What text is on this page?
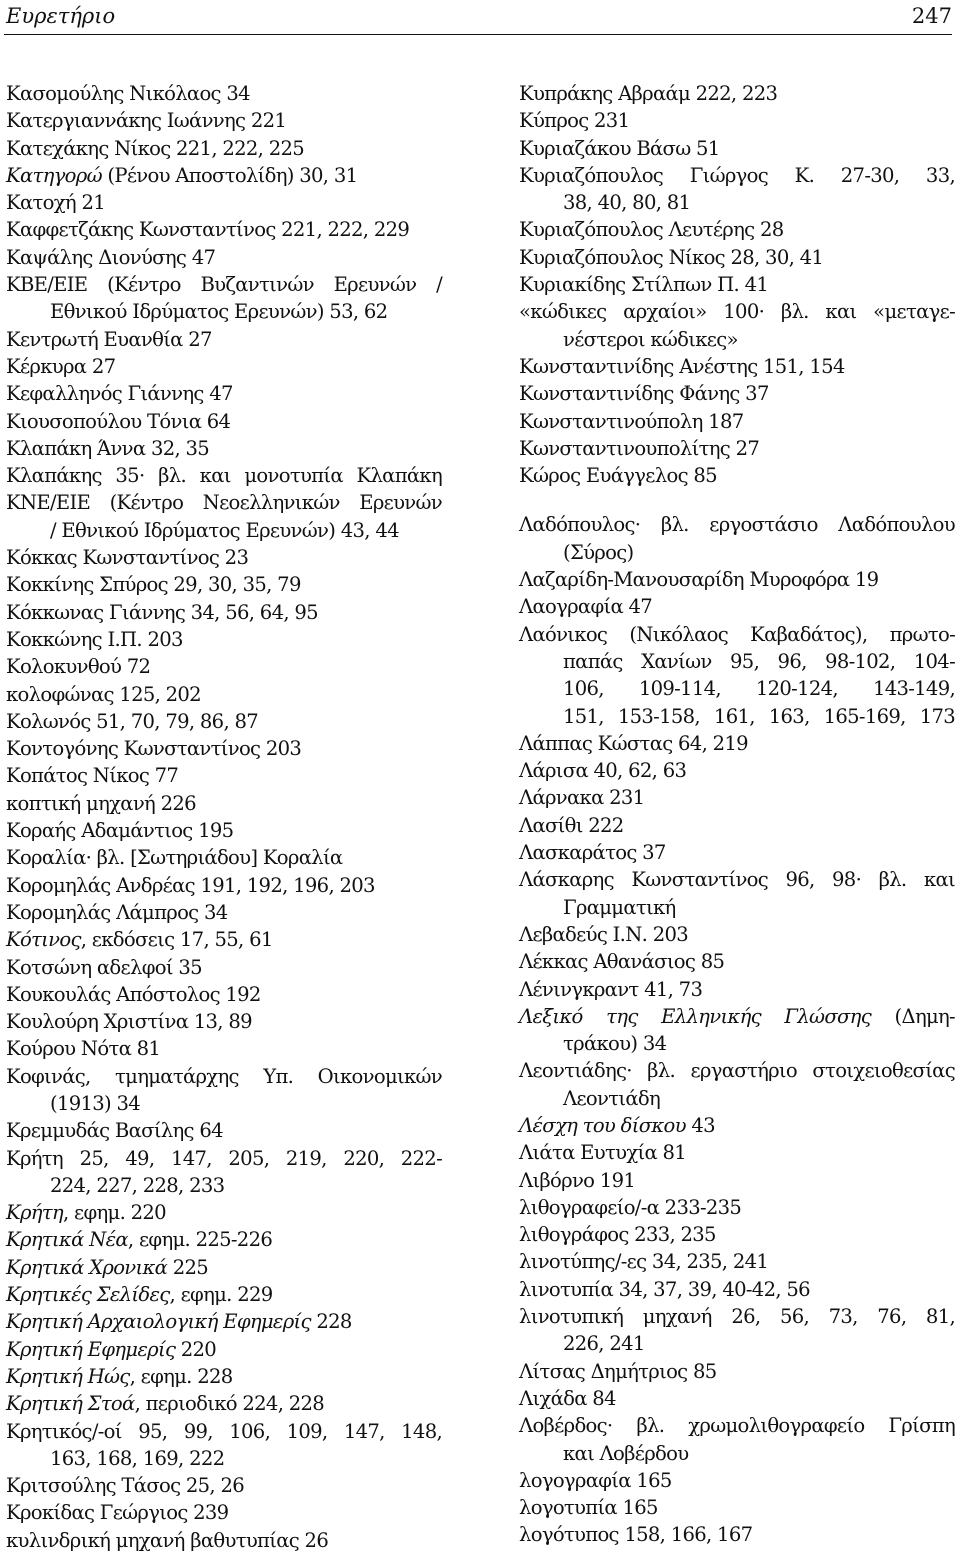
Ευρετήριο	247
Κασομούλης Νικόλαος 34
Κατεργιαννάκης Ιωάννης 221
Κατεχάκης Νίκος 221, 222, 225
Κατηγορώ (Ρένου Αποστολίδη) 30, 31
Κατοχή 21
Καφφετζάκης Κωνσταντίνος 221, 222, 229
Καψάλης Διονύσης 47
ΚΒΕ/ΕΙΕ (Κέντρο Βυζαντινών Ερευνών /
Εθνικού Ιδρύματος Ερευνών) 53, 62
Κεντρωτή Ευανθία 27
Κέρκυρα 27
Κεφαλληνός Γιάννης 47
Κιουσοπούλου Τόνια 64
Κλαπάκη Άννα 32, 35
Κλαπάκης 35· βλ. και μονοτυπία Κλαπάκη
ΚΝΕ/ΕΙΕ (Κέντρο Νεοελληνικών Ερευνών
/ Εθνικού Ιδρύματος Ερευνών) 43, 44
Κόκκας Κωνσταντίνος 23
Κοκκίνης Σπύρος 29, 30, 35, 79
Κόκκωνας Γιάννης 34, 56, 64, 95
Κοκκώνης Ι.Π. 203
Κολοκυνθού 72
κολοφώνας 125, 202
Κολωνός 51, 70, 79, 86, 87
Κοντογόνης Κωνσταντίνος 203
Κοπάτος Νίκος 77
κοπτική μηχανή 226
Κοραής Αδαμάντιος 195
Κοραλία· βλ. [Σωτηριάδου] Κοραλία
Κορομηλάς Ανδρέας 191, 192, 196, 203
Κορομηλάς Λάμπρος 34
Κότινος, εκδόσεις 17, 55, 61
Κοτσώνη αδελφοί 35
Κουκουλάς Απόστολος 192
Κουλούρη Χριστίνα 13, 89
Κούρου Νότα 81
Κοφινάς, τμηματάρχης Υπ. Οικονομικών
(1913) 34
Κρεμμυδάς Βασίλης 64
Κρήτη 25, 49, 147, 205, 219, 220, 222-
224, 227, 228, 233
Κρήτη, εφημ. 220
Κρητικά Νέα, εφημ. 225-226
Κρητικά Χρονικά 225
Κρητικές Σελίδες, εφημ. 229
Κρητική Αρχαιολογική Εφημερίς 228
Κρητική Εφημερίς 220
Κρητική Ηώς, εφημ. 228
Κρητική Στοά, περιοδικό 224, 228
Κρητικός/-οί 95, 99, 106, 109, 147, 148,
163, 168, 169, 222
Κριτσούλης Τάσος 25, 26
Κροκίδας Γεώργιος 239
κυλινδρική μηχανή βαθυτυπίας 26
Κυπράκης Αβραάμ 222, 223
Κύπρος 231
Κυριαζάκου Βάσω 51
Κυριαζόπουλος Γιώργος Κ. 27-30, 33,
38, 40, 80, 81
Κυριαζόπουλος Λευτέρης 28
Κυριαζόπουλος Νίκος 28, 30, 41
Κυριακίδης Στίλπων Π. 41
«κώδικες αρχαίοι» 100· βλ. και «μεταγε-
νέστεροι κώδικες»
Κωνσταντινίδης Ανέστης 151, 154
Κωνσταντινίδης Φάνης 37
Κωνσταντινούπολη 187
Κωνσταντινουπολίτης 27
Κώρος Ευάγγελος 85
Λαδόπουλος· βλ. εργοστάσιο Λαδόπουλου
(Σύρος)
Λαζαρίδη-Μανουσαρίδη Μυροφόρα 19
Λαογραφία 47
Λαόνικος (Νικόλαος Καβαδάτος), πρωτο-
παπάς Χανίων 95, 96, 98-102, 104-
106, 109-114, 120-124, 143-149,
151, 153-158, 161, 163, 165-169, 173
Λάππας Κώστας 64, 219
Λάρισα 40, 62, 63
Λάρνακα 231
Λασίθι 222
Λασκαράτος 37
Λάσκαρης Κωνσταντίνος 96, 98· βλ. και
Γραμματική
Λεβαδεύς Ι.Ν. 203
Λέκκας Αθανάσιος 85
Λένινγκραντ 41, 73
Λεξικό της Ελληνικής Γλώσσης (Δημη-
τράκου) 34
Λεοντιάδης· βλ. εργαστήριο στοιχειοθεσίας
Λεοντιάδη
Λέσχη του δίσκου 43
Λιάτα Ευτυχία 81
Λιβόρνο 191
λιθογραφείο/-α 233-235
λιθογράφος 233, 235
λινοτύπης/-ες 34, 235, 241
λινοτυπία 34, 37, 39, 40-42, 56
λινοτυπική μηχανή 26, 56, 73, 76, 81,
226, 241
Λίτσας Δημήτριος 85
Λιχάδα 84
Λοβέρδος· βλ. χρωμολιθογραφείο Γρίσπη
και Λοβέρδου
λογογραφία 165
λογοτυπία 165
λογότυπος 158, 166, 167
